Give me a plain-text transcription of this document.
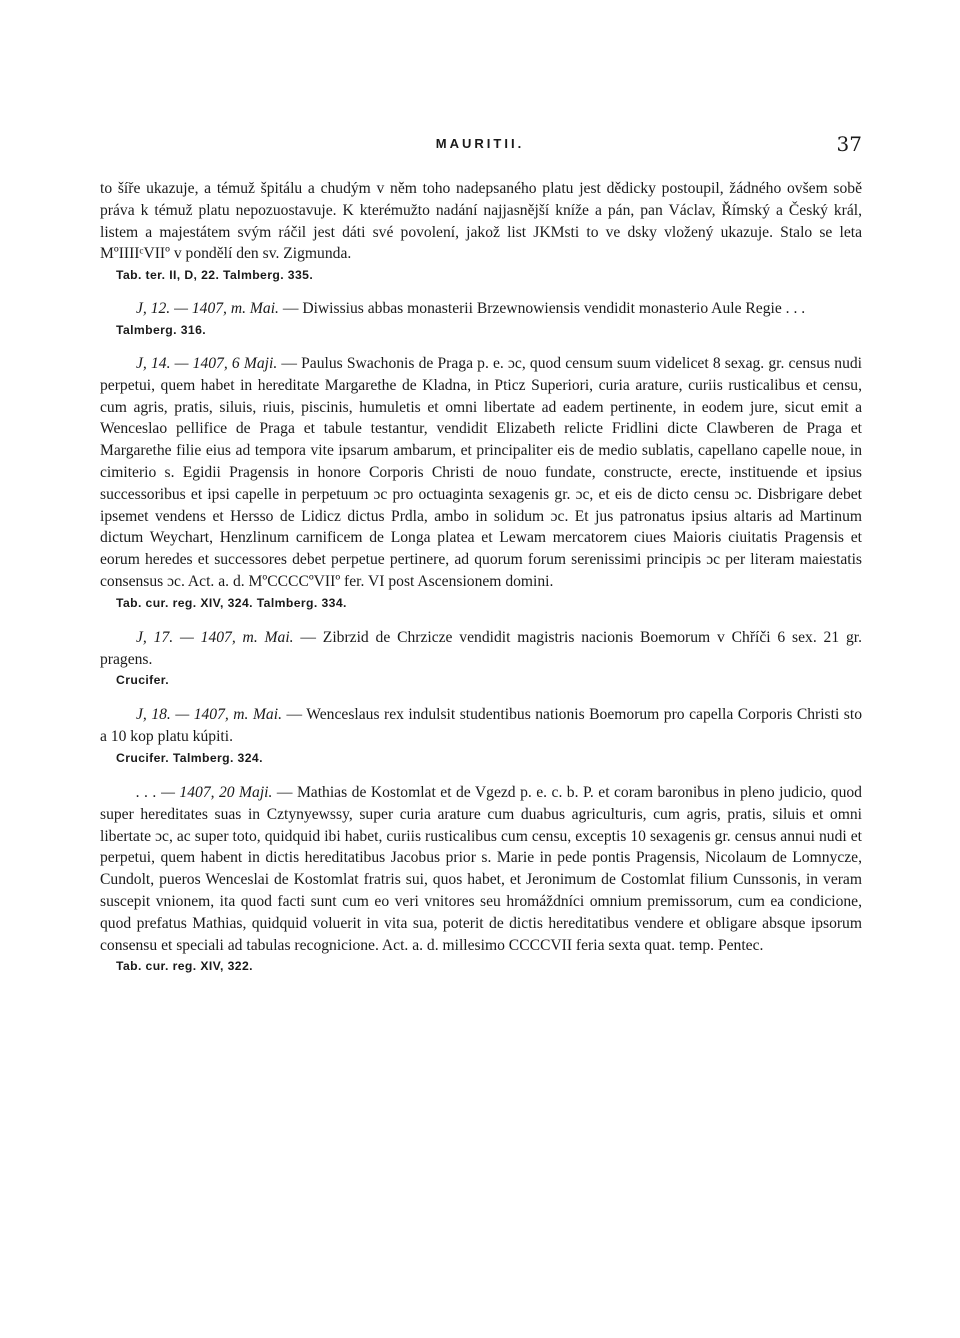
MAURITII.	37

to šíře ukazuje, a témuž špitálu a chudým v něm toho nadepsaného platu jest dědicky postoupil, žádného ovšem sobě práva k témuž platu nepozuostavuje. K kterémužto nadání najjasnější kníže a pán, pan Václav, Římský a Český král, listem a majestátem svým ráčil jest dáti své povolení, jakož list JKMsti to ve dsky vložený ukazuje. Stalo se leta MºIIIIᶜVIIº v pondělí den sv. Zigmunda.

Tab. ter. II, D, 22. Talmberg. 335.

J, 12. — 1407, m. Mai. — Diwissius abbas monasterii Brzewnowiensis vendidit monasterio Aule Regie . . .

Talmberg. 316.

J, 14. — 1407, 6 Maji. — Paulus Swachonis de Praga p. e. ɔc, quod censum suum videlicet 8 sexag. gr. census nudi perpetui, quem habet in hereditate Margarethe de Kladna, in Pticz Superiori, curia arature, curiis rusticalibus et censu, cum agris, pratis, siluis, riuis, piscinis, humuletis et omni libertate ad eadem pertinente, in eodem jure, sicut emit a Wenceslao pellifice de Praga et tabule testantur, vendidit Elizabeth relicte Fridlini dicte Clawberen de Praga et Margarethe filie eius ad tempora vite ipsarum ambarum, et principaliter eis de medio sublatis, capellano capelle noue, in cimiterio s. Egidii Pragensis in honore Corporis Christi de nouo fundate, constructe, erecte, instituende et ipsius successoribus et ipsi capelle in perpetuum ɔc pro octuaginta sexagenis gr. ɔc, et eis de dicto censu ɔc. Disbrigare debet ipsemet vendens et Hersso de Lidicz dictus Prdla, ambo in solidum ɔc. Et jus patronatus ipsius altaris ad Martinum dictum Weychart, Henzlinum carnificem de Longa platea et Lewam mercatorem ciues Maioris ciuitatis Pragensis et eorum heredes et successores debet perpetue pertinere, ad quorum forum serenissimi principis ɔc per literam maiestatis consensus ɔc. Act. a. d. MºCCCCºVIIº fer. VI post Ascensionem domini.

Tab. cur. reg. XIV, 324. Talmberg. 334.

J, 17. — 1407, m. Mai. — Zibrzid de Chrzicze vendidit magistris nacionis Boemorum v Chříči 6 sex. 21 gr. pragens.

Crucifer.

J, 18. — 1407, m. Mai. — Wenceslaus rex indulsit studentibus nationis Boemorum pro capella Corporis Christi sto a 10 kop platu kúpiti.

Crucifer. Talmberg. 324.

. . . — 1407, 20 Maji. — Mathias de Kostomlat et de Vgezd p. e. c. b. P. et coram baronibus in pleno judicio, quod super hereditates suas in Cztynyewssy, super curia arature cum duabus agriculturis, cum agris, pratis, siluis et omni libertate ɔc, ac super toto, quidquid ibi habet, curiis rusticalibus cum censu, exceptis 10 sexagenis gr. census annui nudi et perpetui, quem habent in dictis hereditatibus Jacobus prior s. Marie in pede pontis Pragensis, Nicolaum de Lomnycze, Cundolt, pueros Wenceslai de Kostomlat fratris sui, quos habet, et Jeronimum de Costomlat filium Cunssonis, in veram suscepit vnionem, ita quod facti sunt cum eo veri vnitores seu hromáždníci omnium premissorum, cum ea condicione, quod prefatus Mathias, quidquid voluerit in vita sua, poterit de dictis hereditatibus vendere et obligare absque ipsorum consensu et speciali ad tabulas recognicione. Act. a. d. millesimo CCCCVII feria sexta quat. temp. Pentec.

Tab. cur. reg. XIV, 322.
